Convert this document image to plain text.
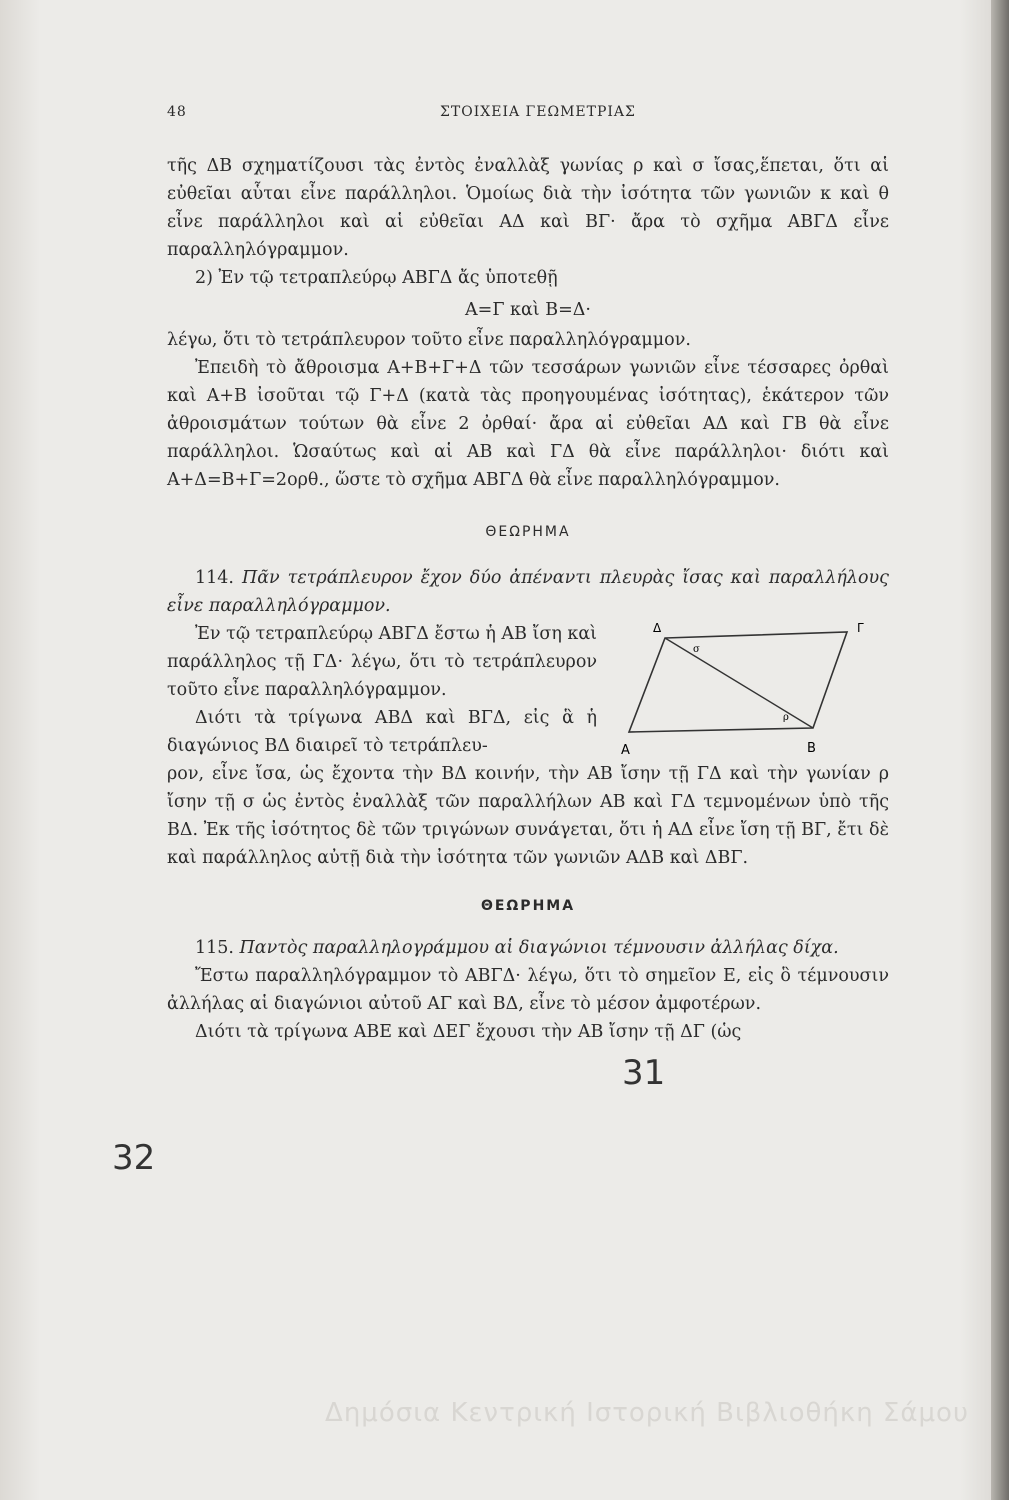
48	ΣΤΟΙΧΕΙΑ ΓΕΩΜΕΤΡΙΑΣ

τῆς ΔΒ σχηματίζουσι τὰς ἐντὸς ἐναλλὰξ γωνίας ρ καὶ σ ἴσας,ἕπεται, ὅτι αἱ εὐθεῖαι αὗται εἶνε παράλληλοι. Ὁμοίως διὰ τὴν ἰσότητα τῶν γωνιῶν κ καὶ θ εἶνε παράλληλοι καὶ αἱ εὐθεῖαι ΑΔ καὶ ΒΓ· ἄρα τὸ σχῆμα ΑΒΓΔ εἶνε παραλληλόγραμμον.

2) Ἐν τῷ τετραπλεύρῳ ΑΒΓΔ ἄς ὑποτεθῇ

Α=Γ καὶ Β=Δ·

λέγω, ὅτι τὸ τετράπλευρον τοῦτο εἶνε παραλληλόγραμμον.

Ἐπειδὴ τὸ ἄθροισμα Α+Β+Γ+Δ τῶν τεσσάρων γωνιῶν εἶνε τέσσαρες ὀρθαὶ καὶ Α+Β ἰσοῦται τῷ Γ+Δ (κατὰ τὰς προηγουμένας ἰσότητας), ἑκάτερον τῶν ἀθροισμάτων τούτων θὰ εἶνε 2 ὀρθαί· ἄρα αἱ εὐθεῖαι ΑΔ καὶ ΓΒ θὰ εἶνε παράλληλοι. Ὡσαύτως καὶ αἱ ΑΒ καὶ ΓΔ θὰ εἶνε παράλληλοι· διότι καὶ Α+Δ=Β+Γ=2ορθ., ὥστε τὸ σχῆμα ΑΒΓΔ θὰ εἶνε παραλληλόγραμμον.

ΘΕΩΡΗΜΑ

114. Πᾶν τετράπλευρον ἔχον δύο ἀπέναντι πλευρὰς ἴσας καὶ παραλλήλους εἶνε παραλληλόγραμμον.

Ἐν τῷ τετραπλεύρῳ ΑΒΓΔ ἔστω ἡ ΑΒ ἴση καὶ παράλληλος τῇ ΓΔ· λέγω, ὅτι τὸ τετράπλευρον τοῦτο εἶνε παραλληλόγραμμον.

Διότι τὰ τρίγωνα ΑΒΔ καὶ ΒΓΔ, εἰς ἃ ἡ διαγώνιος ΒΔ διαιρεῖ τὸ τετράπλευ-

Δ	Γ
Α	Β
σ
ρ

ρον, εἶνε ἴσα, ὡς ἔχοντα τὴν ΒΔ κοινήν, τὴν ΑΒ ἴσην τῇ ΓΔ καὶ τὴν γωνίαν ρ ἴσην τῇ σ ὡς ἐντὸς ἐναλλὰξ τῶν παραλλήλων ΑΒ καὶ ΓΔ τεμνομένων ὑπὸ τῆς ΒΔ. Ἐκ τῆς ἰσότητος δὲ τῶν τριγώνων συνάγεται, ὅτι ἡ ΑΔ εἶνε ἴση τῇ ΒΓ, ἔτι δὲ καὶ παράλληλος αὐτῇ διὰ τὴν ἰσότητα τῶν γωνιῶν ΑΔΒ καὶ ΔΒΓ.

ΘΕΩΡΗΜΑ

115. Παντὸς παραλληλογράμμου αἱ διαγώνιοι τέμνουσιν ἀλλήλας δίχα.

Ἔστω παραλληλόγραμμον τὸ ΑΒΓΔ· λέγω, ὅτι τὸ σημεῖον Ε, εἰς ὃ τέμνουσιν ἀλλήλας αἱ διαγώνιοι αὐτοῦ ΑΓ καὶ ΒΔ, εἶνε τὸ μέσον ἀμφοτέρων.

Διότι τὰ τρίγωνα ΑΒΕ καὶ ΔΕΓ ἔχουσι τὴν ΑΒ ἴσην τῇ ΔΓ (ὡς

31
32
Δημόσια Κεντρική Ιστορική Βιβλιοθήκη Σάμου
